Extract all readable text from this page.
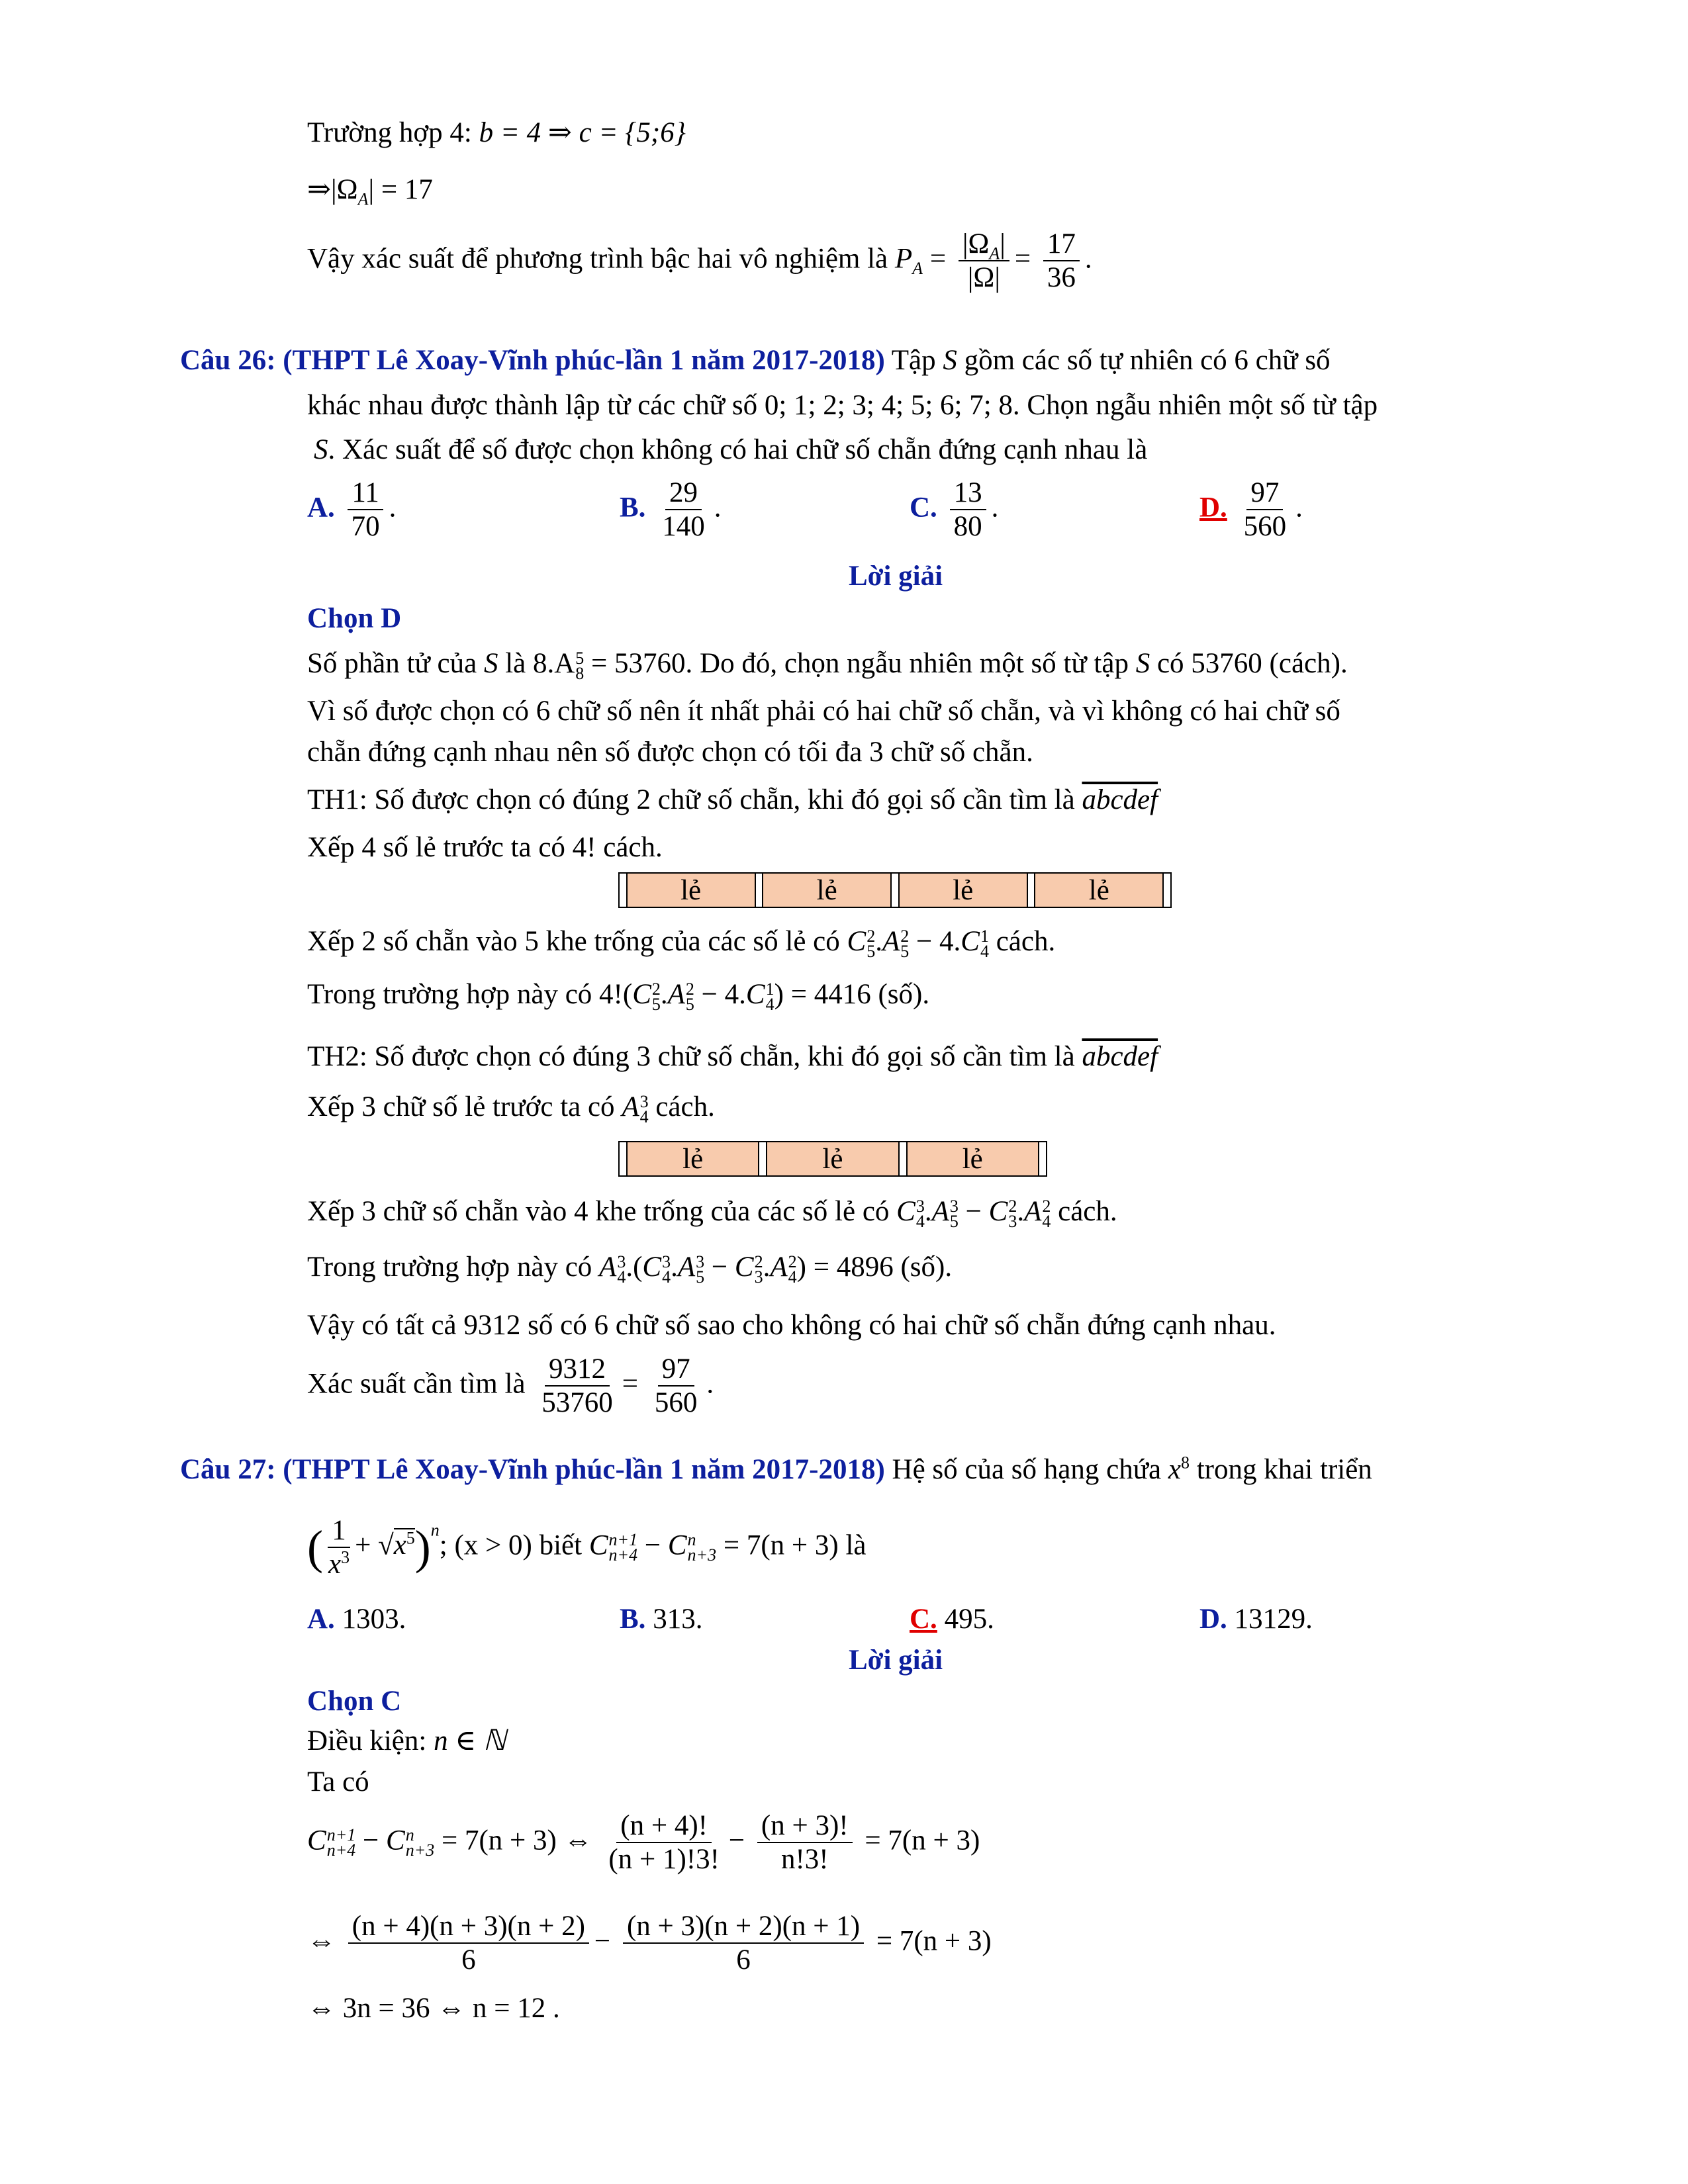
Trường hợp 4: b = 4 ⇒ c = {5;6}
$\Rightarrow|\Omega_A| = 17$
Vậy xác suất để phương trình bậc hai vô nghiệm là $P_A = \frac{|\Omega_A|}{|\Omega|} = \frac{17}{36}$ .
Câu 26: (THPT Lê Xoay-Vĩnh phúc-lần 1 năm 2017-2018) Tập S gồm các số tự nhiên có 6 chữ số
khác nhau được thành lập từ các chữ số 0; 1; 2; 3; 4; 5; 6; 7; 8. Chọn ngẫu nhiên một số từ tập
S. Xác suất để số được chọn không có hai chữ số chẵn đứng cạnh nhau là
A. $\frac{11}{70}$ .	B. $\frac{29}{140}$ .	C. $\frac{13}{80}$ .	D. $\frac{97}{560}$ .
Lời giải
Chọn D
Số phần tử của S là 8.A 5
8 = 53760. Do đó, chọn ngẫu nhiên một số từ tập S có 53760 (cách).
Vì số được chọn có 6 chữ số nên ít nhất phải có hai chữ số chẵn, và vì không có hai chữ số
chẵn đứng cạnh nhau nên số được chọn có tối đa 3 chữ số chẵn.
TH1: Số được chọn có đúng 2 chữ số chẵn, khi đó gọi số cần tìm là abcdef
Xếp 4 số lẻ trước ta có 4! cách.
	lẻ		lẻ		lẻ		lẻ	
Xếp 2 số chẵn vào 5 khe trống của các số lẻ có C 2
5 .A 2
5 − 4.C 1
4 cách.
Trong trường hợp này có 4!(C 2
5 .A 2
5 − 4.C 1
4 ) = 4416 (số).
TH2: Số được chọn có đúng 3 chữ số chẵn, khi đó gọi số cần tìm là abcdef
Xếp 3 chữ số lẻ trước ta có A 3
4 cách.
	lẻ		lẻ		lẻ	
Xếp 3 chữ số chẵn vào 4 khe trống của các số lẻ có C 3
4 .A 3
5 − C 2
3 .A 2
4 cách.
Trong trường hợp này có A 3
4 .(C 3
4 .A 3
5 − C 2
3 .A 2
4 ) = 4896 (số).
Vậy có tất cả 9312 số có 6 chữ số sao cho không có hai chữ số chẵn đứng cạnh nhau.
Xác suất cần tìm là $\frac{9312}{53760} = \frac{97}{560}$ .
Câu 27: (THPT Lê Xoay-Vĩnh phúc-lần 1 năm 2017-2018) Hệ số của số hạng chứa $x^8$ trong khai triển
( $\frac{1}{x^3} + √x^5)^n$; (x > 0) biết C n+1
n+4 − C n
n+3 = 7(n + 3) là
A. 1303.	B. 313.	C. 495.	D. 13129.
Lời giải
Chọn C
Điều kiện: n ∈ ℕ
Ta có
C n+1
n+4 − C n
n+3 = 7(n + 3) ⇔ $\frac{(n + 4)!}{(n + 1)!3!} - \frac{(n + 3)!}{n!3!} = 7(n + 3)$
⇔ $\frac{(n + 4)(n + 3)(n + 2)}{6} - \frac{(n + 3)(n + 2)(n + 1)}{6} = 7(n + 3)$
⇔ 3n = 36 ⇔ n = 12 .
